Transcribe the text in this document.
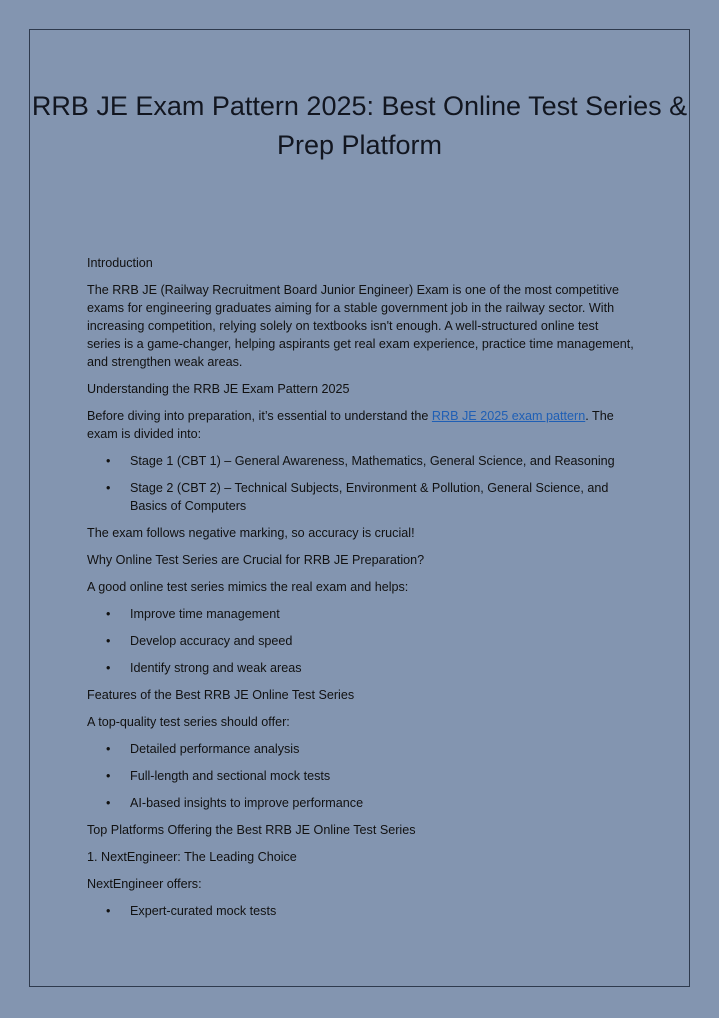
RRB JE Exam Pattern 2025: Best Online Test Series & Prep Platform

Introduction

The RRB JE (Railway Recruitment Board Junior Engineer) Exam is one of the most competitive exams for engineering graduates aiming for a stable government job in the railway sector. With increasing competition, relying solely on textbooks isn't enough. A well-structured online test series is a game-changer, helping aspirants get real exam experience, practice time management, and strengthen weak areas.

Understanding the RRB JE Exam Pattern 2025

Before diving into preparation, it’s essential to understand the RRB JE 2025 exam pattern. The exam is divided into:

• Stage 1 (CBT 1) – General Awareness, Mathematics, General Science, and Reasoning
• Stage 2 (CBT 2) – Technical Subjects, Environment & Pollution, General Science, and Basics of Computers

The exam follows negative marking, so accuracy is crucial!

Why Online Test Series are Crucial for RRB JE Preparation?

A good online test series mimics the real exam and helps:

• Improve time management
• Develop accuracy and speed
• Identify strong and weak areas

Features of the Best RRB JE Online Test Series

A top-quality test series should offer:

• Detailed performance analysis
• Full-length and sectional mock tests
• AI-based insights to improve performance

Top Platforms Offering the Best RRB JE Online Test Series

1. NextEngineer: The Leading Choice

NextEngineer offers:

• Expert-curated mock tests
